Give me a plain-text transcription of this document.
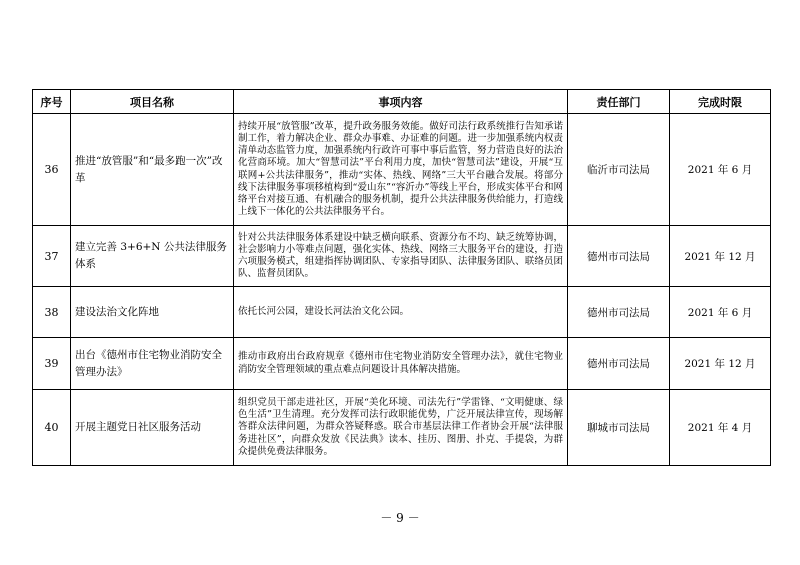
序号	项目名称	事项内容	责任部门	完成时限
36	推进“放管服”和“最多跑一次”改革	持续开展“放管服”改革，提升政务服务效能。做好司法行政系统推行告知承诺制工作，着力解决企业、群众办事难、办证难的问题。进一步加强系统内权责清单动态监管力度，加强系统内行政许可事中事后监管，努力营造良好的法治化营商环境。加大“智慧司法”平台利用力度，加快“智慧司法”建设，开展“互联网+公共法律服务”，推动“实体、热线、网络”三大平台融合发展。将部分线下法律服务事项移植构到“爱山东”“容沂办”等线上平台，形成实体平台和网络平台对接互通、有机融合的服务机制，提升公共法律服务供给能力，打造线上线下一体化的公共法律服务平台。	临沂市司法局	2021 年 6 月
37	建立完善 3+6+N 公共法律服务体系	针对公共法律服务体系建设中缺乏横向联系、资源分布不均、缺乏统筹协调，社会影响力小等难点问题，强化实体、热线、网络三大服务平台的建设，打造六项服务模式，组建指挥协调团队、专家指导团队、法律服务团队、联络员团队、监督员团队。	德州市司法局	2021 年 12 月
38	建设法治文化阵地	依托长河公园，建设长河法治文化公园。	德州市司法局	2021 年 6 月
39	出台《德州市住宅物业消防安全管理办法》	推动市政府出台政府规章《德州市住宅物业消防安全管理办法》，就住宅物业消防安全管理领域的重点难点问题设计具体解决措施。	德州市司法局	2021 年 12 月
40	开展主题党日社区服务活动	组织党员干部走进社区，开展“美化环境、司法先行”学雷锋、“文明健康、绿色生活”卫生清理。充分发挥司法行政职能优势，广泛开展法律宣传，现场解答群众法律问题，为群众答疑释惑。联合市基层法律工作者协会开展“法律服务进社区”，向群众发放《民法典》读本、挂历、图册、扑克、手提袋，为群众提供免费法律服务。	聊城市司法局	2021 年 4 月
－ 9 －
